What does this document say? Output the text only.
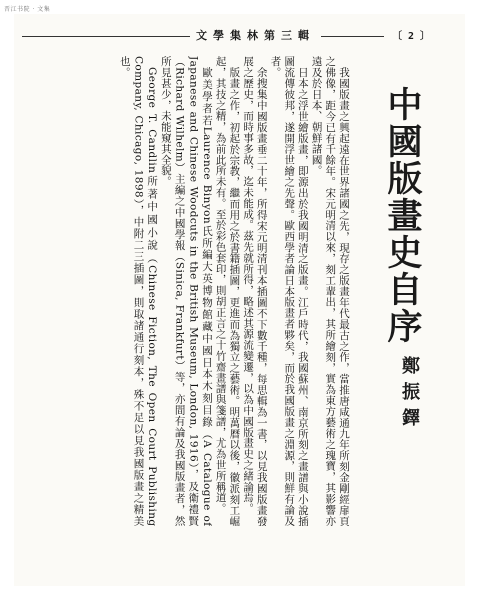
晋江书院 · 文集
文學集林第三輯	〔 2 〕
中國版畫史自序
鄭振鐸

我國版畫之興起遠在世界諸國之先，現存之版畫年代最古之作，當推唐咸通九年所刻金剛經扉頁之佛像，距今已有千餘年。宋元明清以來，刻工輩出，其所繪刻，實為東方藝術之瑰寶，其影響亦遠及於日本、朝鮮諸國。

日本之浮世繪版畫，即源出於我國明清之版畫。江戶時代，我國蘇州、南京所刻之畫譜與小說插圖流傳彼邦，遂開浮世繪之先聲。歐西學者論日本版畫者夥矣，而於我國版畫之淵源，則鮮有論及者。

余搜集中國版畫垂二十年，所得宋元明清刊本插圖不下數千種，每思輯為一書，以見我國版畫發展之歷史，而時事多故，迄未能成。茲先就所得，略述其源流變遷，以為中國版畫史之緒論焉。

版畫之作，初起於宗教，繼而用之於書籍插圖，更進而為獨立之藝術。明萬曆以後，徽派刻工崛起，其技之精，為前此所未有。至於彩色套印，則胡正言之十竹齋畫譜與箋譜，尤為世所稱道。

歐美學者若Laurence Binyon氏所編大英博物館藏中國日本木刻目錄（A Catalogue of Japanese and Chinese Woodcuts in the British Museum, London, 1916），及衛禮賢（Richard Wilhelm）主編之中國學報（Sinica, Frankfurt）等，亦間有論及我國版畫者，然所見甚少，未能窺其全貌。

George T. Candlin所著中國小說（Chinese Fiction, The Open Court Publishing Company, Chicago, 1898），中附二三插圖，則取諸通行刻本，殊不足以見我國版畫之精美也。
